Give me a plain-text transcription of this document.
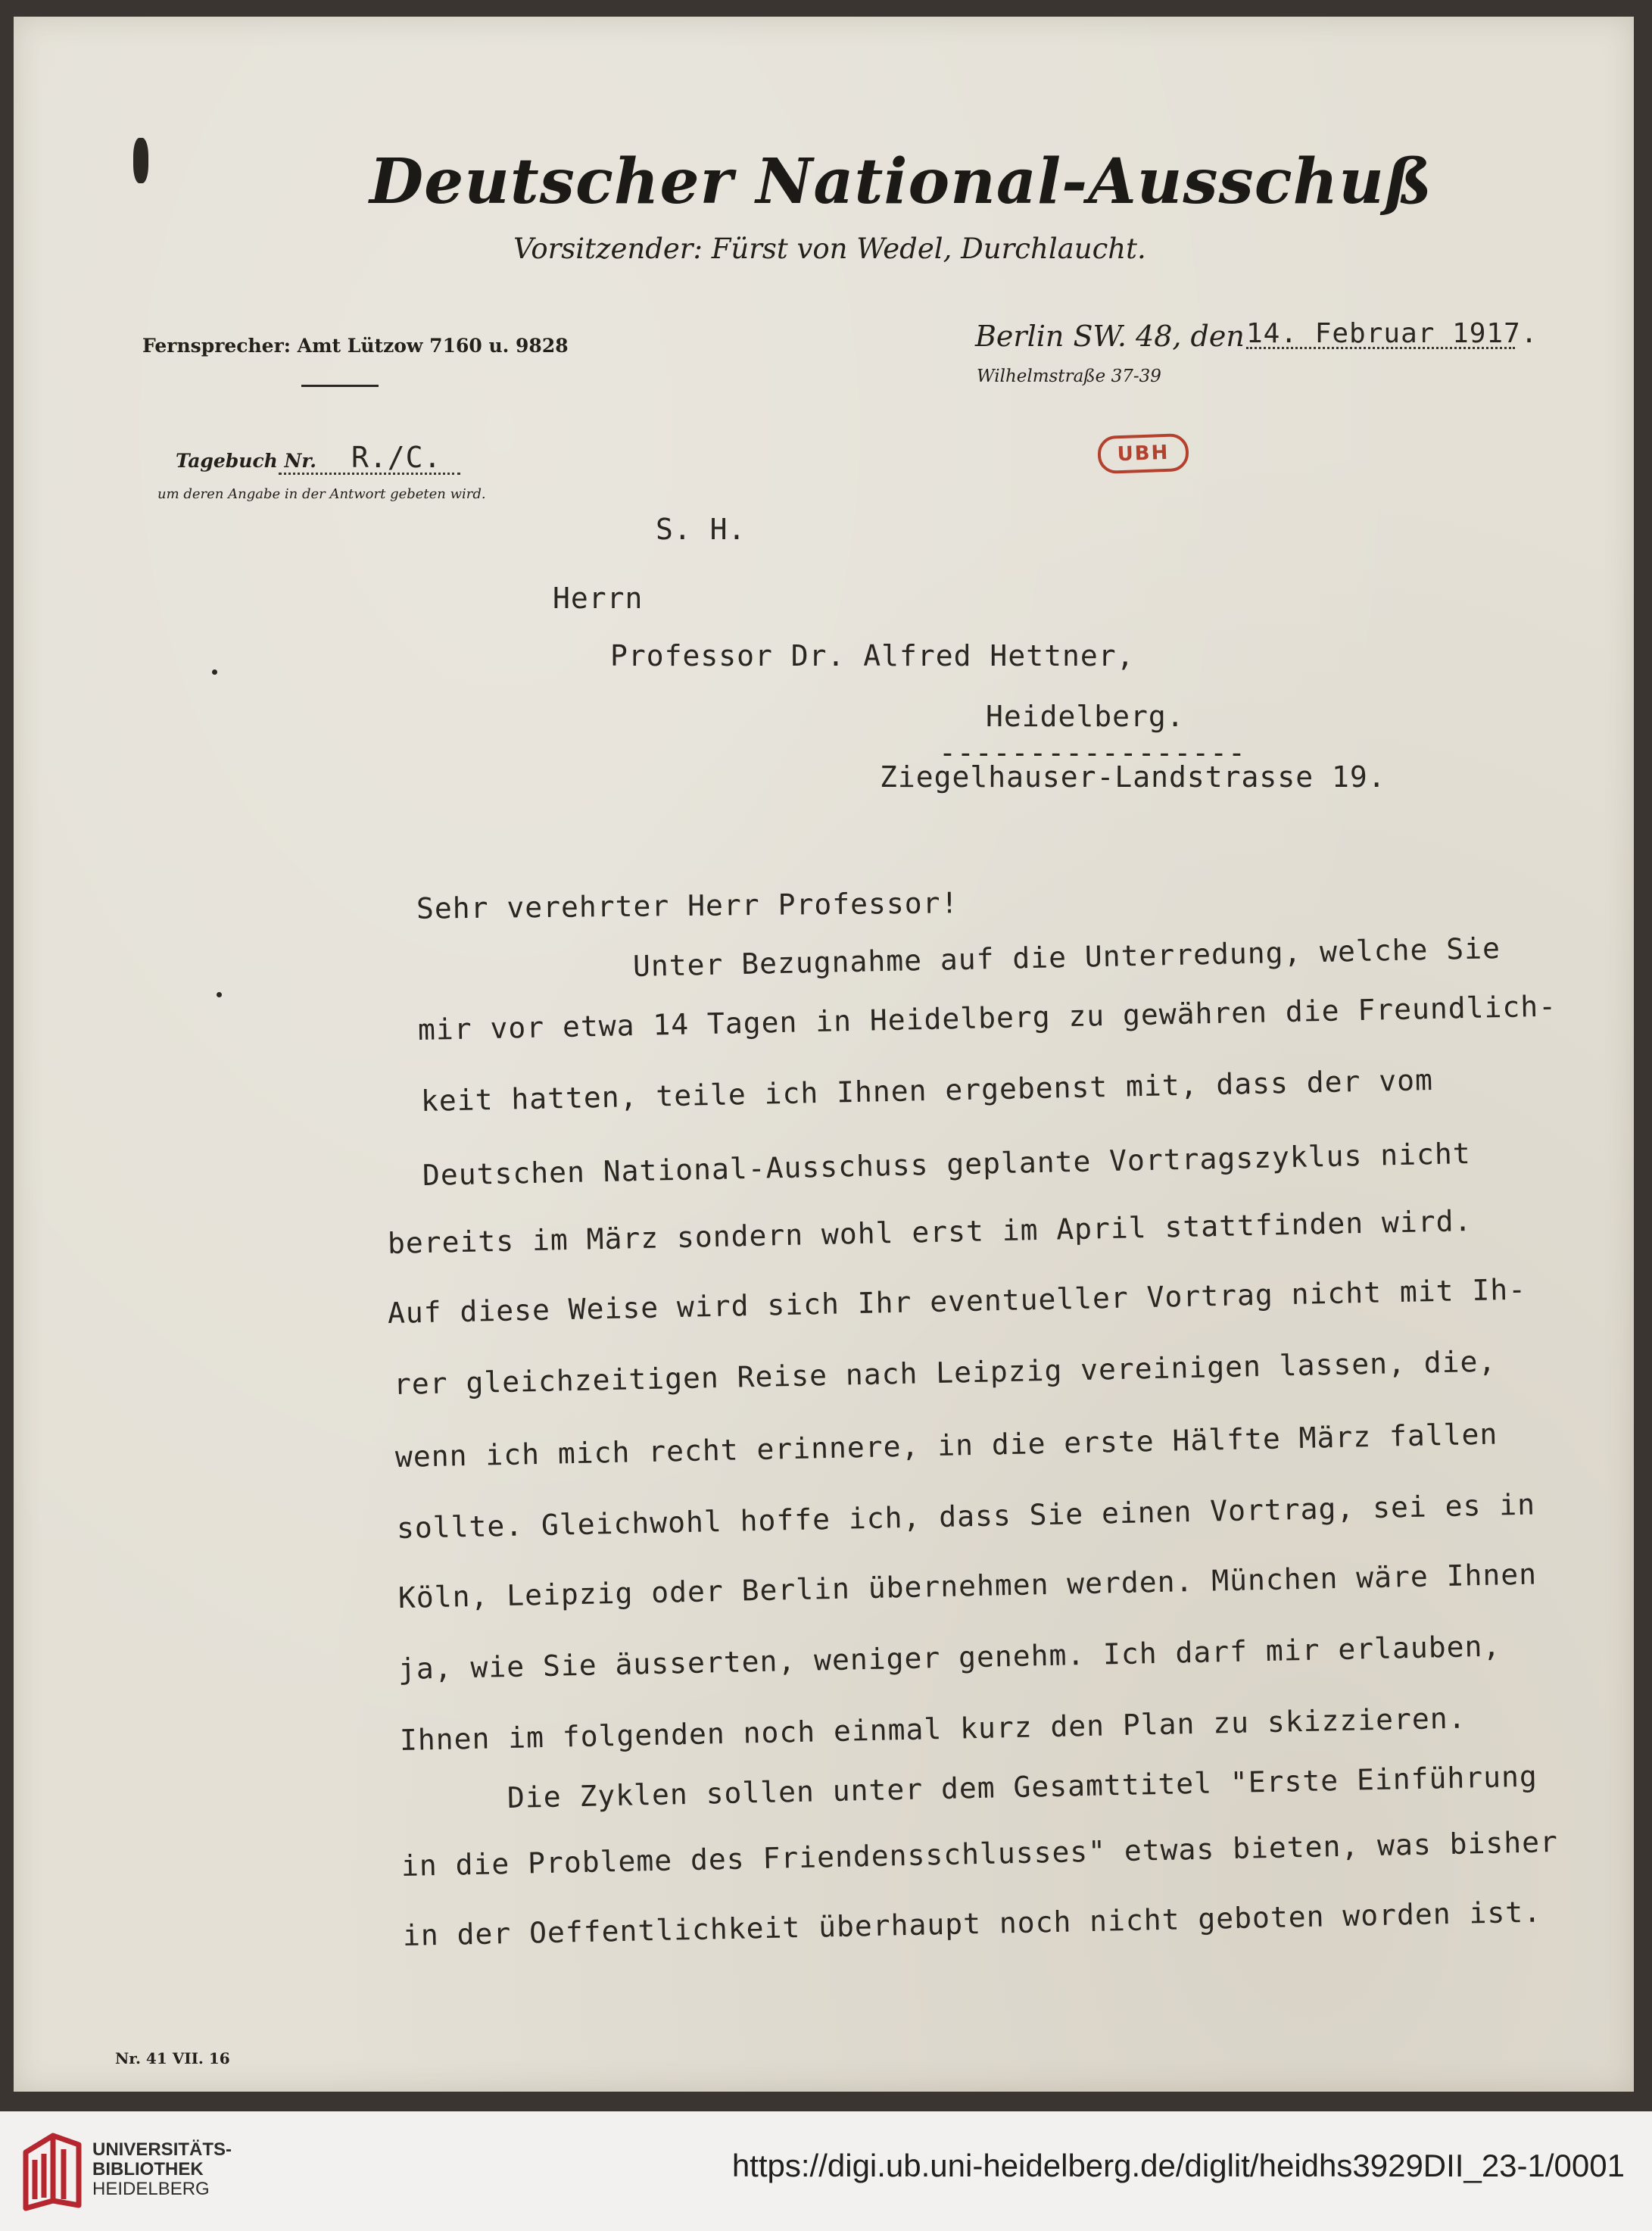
Deutscher National-Ausschuß
Vorsitzender: Fürst von Wedel, Durchlaucht.
Fernsprecher: Amt Lützow 7160 u. 9828	Berlin SW. 48, den 14. Februar 1917.
Wilhelmstraße 37-39
Tagebuch Nr. R./C.
um deren Angabe in der Antwort gebeten wird.
UBH
S. H.
Herrn
Professor Dr. Alfred Hettner,
Heidelberg.
-----------------
Ziegelhauser-Landstrasse 19.
Sehr verehrter Herr Professor!
Unter Bezugnahme auf die Unterredung, welche Sie
mir vor etwa 14 Tagen in Heidelberg zu gewähren die Freundlich-
keit hatten, teile ich Ihnen ergebenst mit, dass der vom
Deutschen National-Ausschuss geplante Vortragszyklus nicht
bereits im März sondern wohl erst im April stattfinden wird.
Auf diese Weise wird sich Ihr eventueller Vortrag nicht mit Ih-
rer gleichzeitigen Reise nach Leipzig vereinigen lassen, die,
wenn ich mich recht erinnere, in die erste Hälfte März fallen
sollte. Gleichwohl hoffe ich, dass Sie einen Vortrag, sei es in
Köln, Leipzig oder Berlin übernehmen werden. München wäre Ihnen
ja, wie Sie äusserten, weniger genehm. Ich darf mir erlauben,
Ihnen im folgenden noch einmal kurz den Plan zu skizzieren.
Die Zyklen sollen unter dem Gesamttitel "Erste Einführung
in die Probleme des Friendensschlusses" etwas bieten, was bisher
in der Oeffentlichkeit überhaupt noch nicht geboten worden ist.
Nr. 41 VII. 16
UNIVERSITÄTS-
BIBLIOTHEK
HEIDELBERG
https://digi.ub.uni-heidelberg.de/diglit/heidhs3929DII_23-1/0001
